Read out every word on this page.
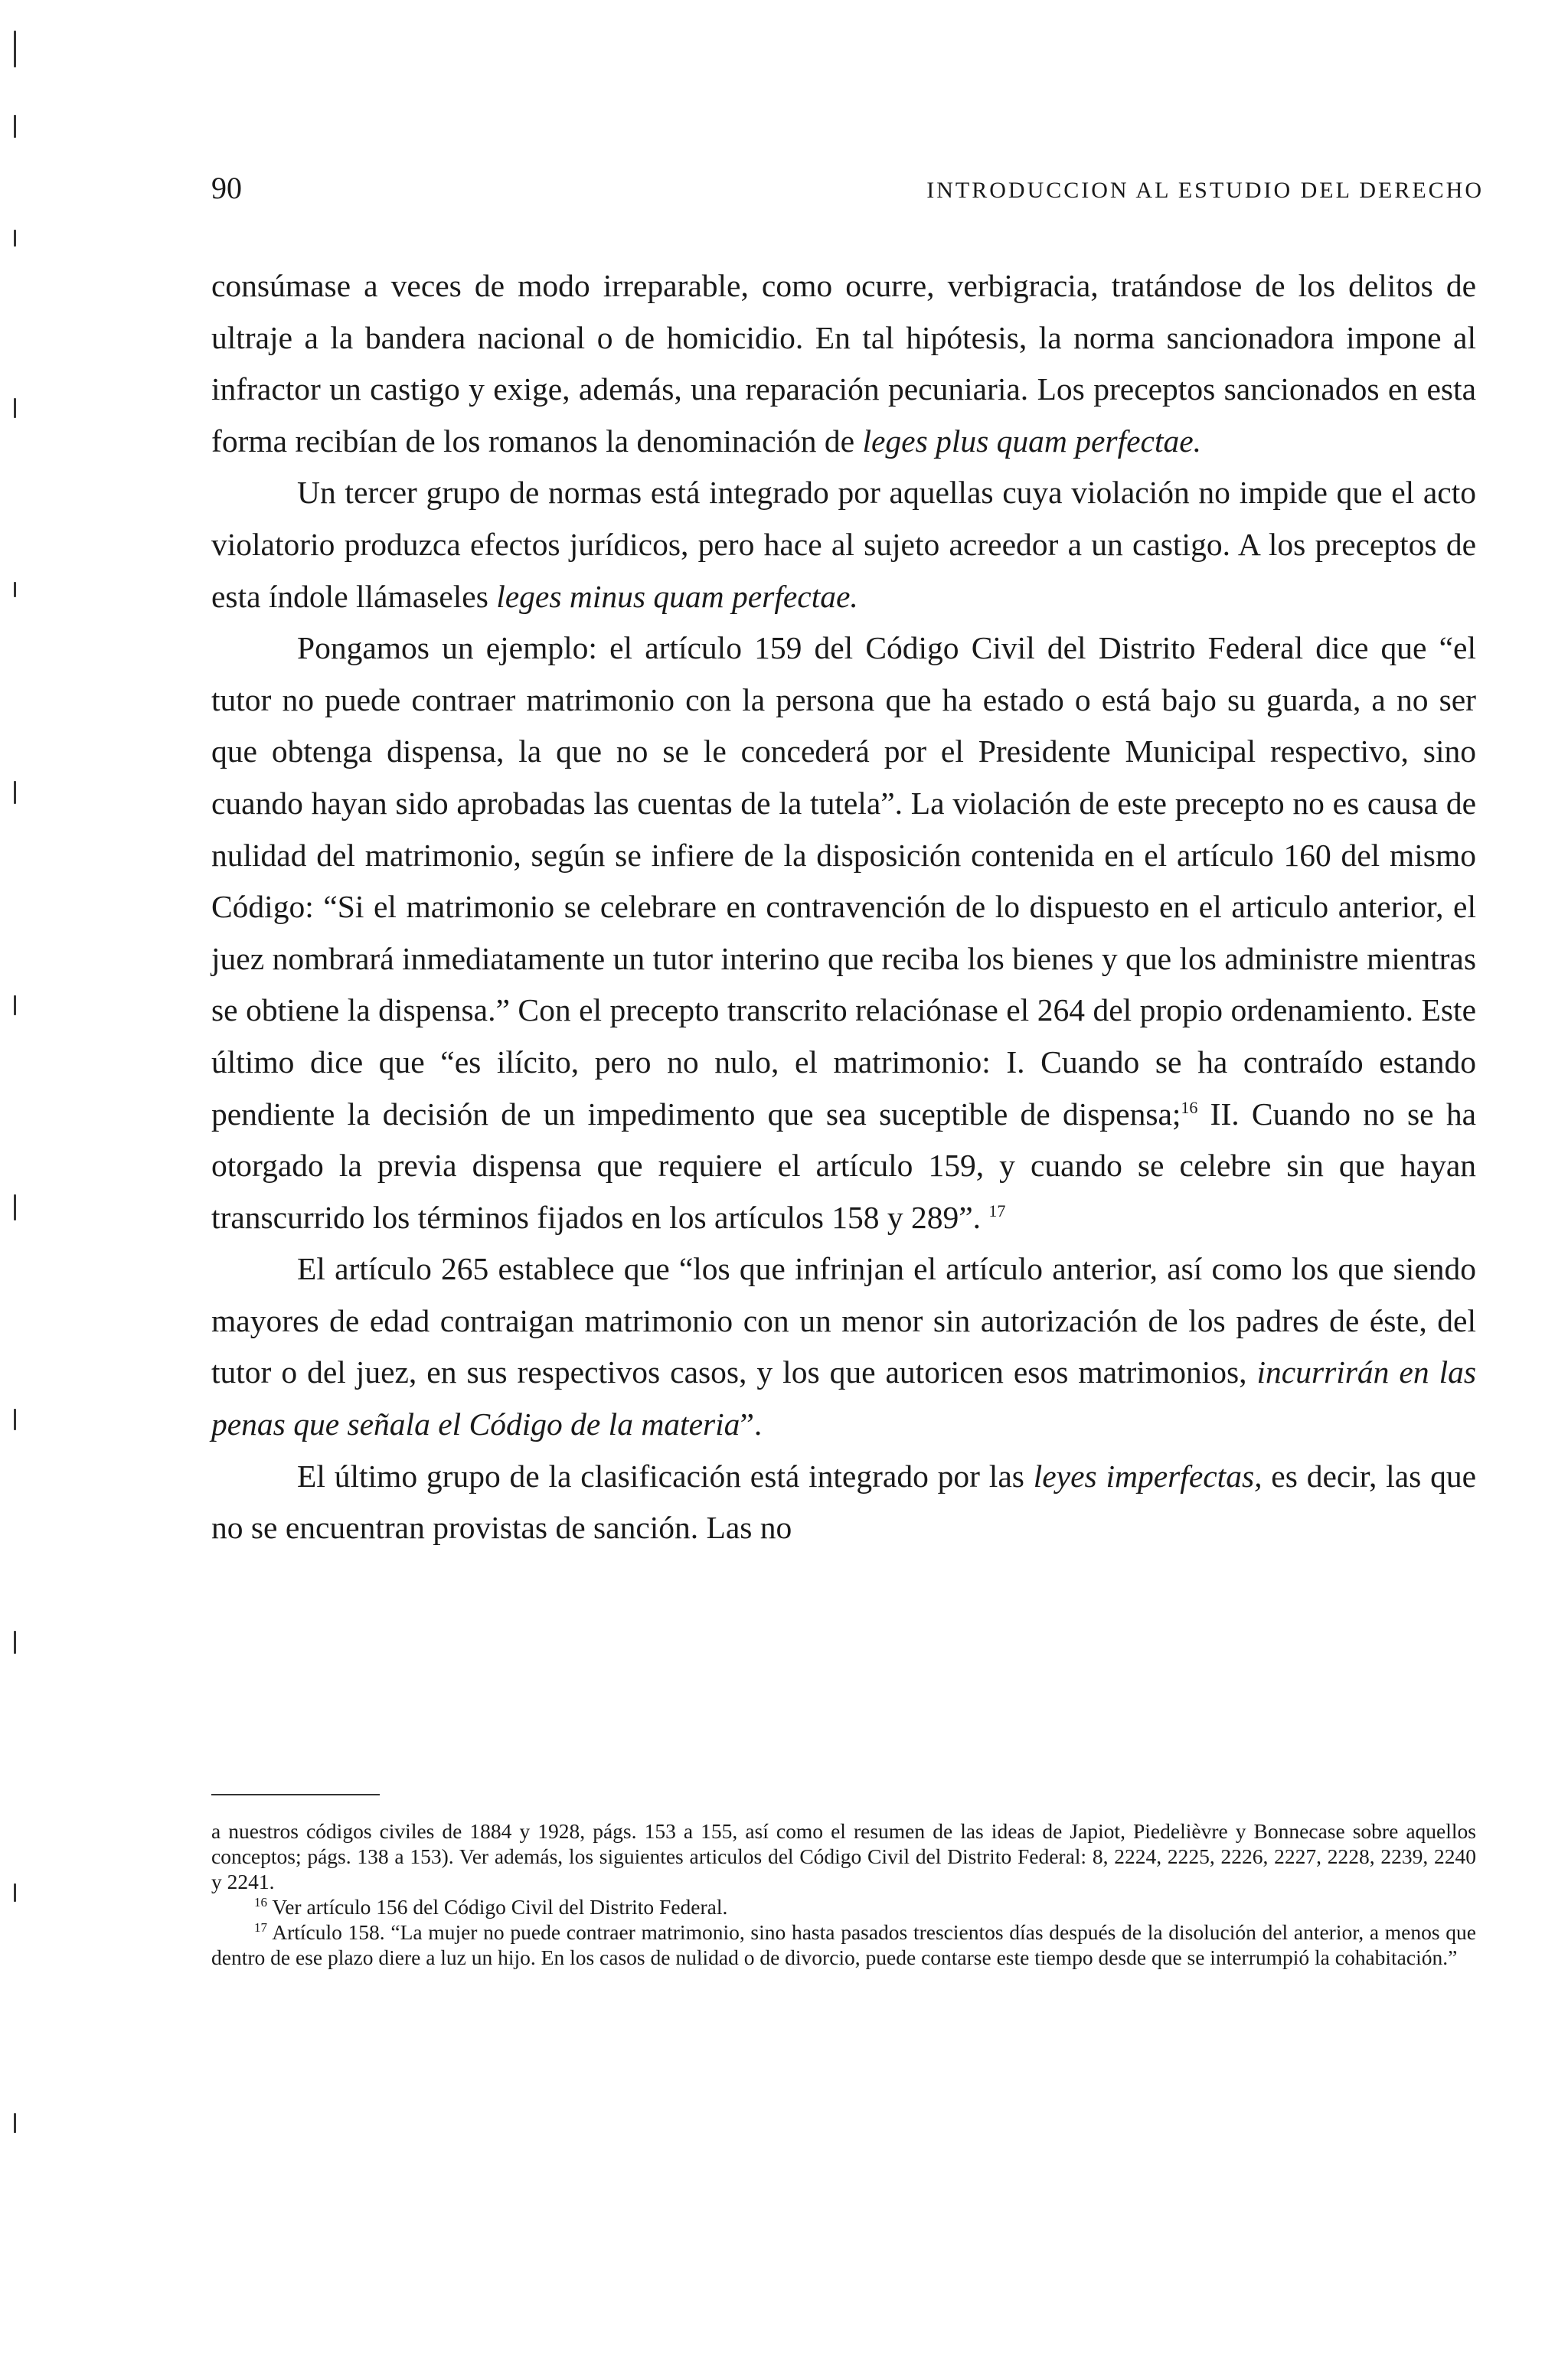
90	INTRODUCCION AL ESTUDIO DEL DERECHO

consúmase a veces de modo irreparable, como ocurre, verbigracia, tratándose de los delitos de ultraje a la bandera nacional o de homicidio. En tal hipótesis, la norma sancionadora impone al infractor un castigo y exige, además, una reparación pecuniaria. Los preceptos sancionados en esta forma recibían de los romanos la denominación de leges plus quam perfectae.

Un tercer grupo de normas está integrado por aquellas cuya violación no impide que el acto violatorio produzca efectos jurídicos, pero hace al sujeto acreedor a un castigo. A los preceptos de esta índole llámaseles leges minus quam perfectae.

Pongamos un ejemplo: el artículo 159 del Código Civil del Distrito Federal dice que “el tutor no puede contraer matrimonio con la persona que ha estado o está bajo su guarda, a no ser que obtenga dispensa, la que no se le concederá por el Presidente Municipal respectivo, sino cuando hayan sido aprobadas las cuentas de la tutela”. La violación de este precepto no es causa de nulidad del matrimonio, según se infiere de la disposición contenida en el artículo 160 del mismo Código: “Si el matrimonio se celebrare en contravención de lo dispuesto en el articulo anterior, el juez nombrará inmediatamente un tutor interino que reciba los bienes y que los administre mientras se obtiene la dispensa.” Con el precepto transcrito relaciónase el 264 del propio ordenamiento. Este último dice que “es ilícito, pero no nulo, el matrimonio: I. Cuando se ha contraído estando pendiente la decisión de un impedimento que sea suceptible de dispensa;$^{16}$ II. Cuando no se ha otorgado la previa dispensa que requiere el artículo 159, y cuando se celebre sin que hayan transcurrido los términos fijados en los artículos 158 y 289”. $^{17}$

El artículo 265 establece que “los que infrinjan el artículo anterior, así como los que siendo mayores de edad contraigan matrimonio con un menor sin autorización de los padres de éste, del tutor o del juez, en sus respectivos casos, y los que autoricen esos matrimonios, incurrirán en las penas que señala el Código de la materia”.

El último grupo de la clasificación está integrado por las leyes imperfectas, es decir, las que no se encuentran provistas de sanción. Las no

a nuestros códigos civiles de 1884 y 1928, págs. 153 a 155, así como el resumen de las ideas de Japiot, Piedelièvre y Bonnecase sobre aquellos conceptos; págs. 138 a 153). Ver además, los siguientes articulos del Código Civil del Distrito Federal: 8, 2224, 2225, 2226, 2227, 2228, 2239, 2240 y 2241.

$^{16}$ Ver artículo 156 del Código Civil del Distrito Federal.

$^{17}$ Artículo 158. “La mujer no puede contraer matrimonio, sino hasta pasados trescientos días después de la disolución del anterior, a menos que dentro de ese plazo diere a luz un hijo. En los casos de nulidad o de divorcio, puede contarse este tiempo desde que se interrumpió la cohabitación.”
